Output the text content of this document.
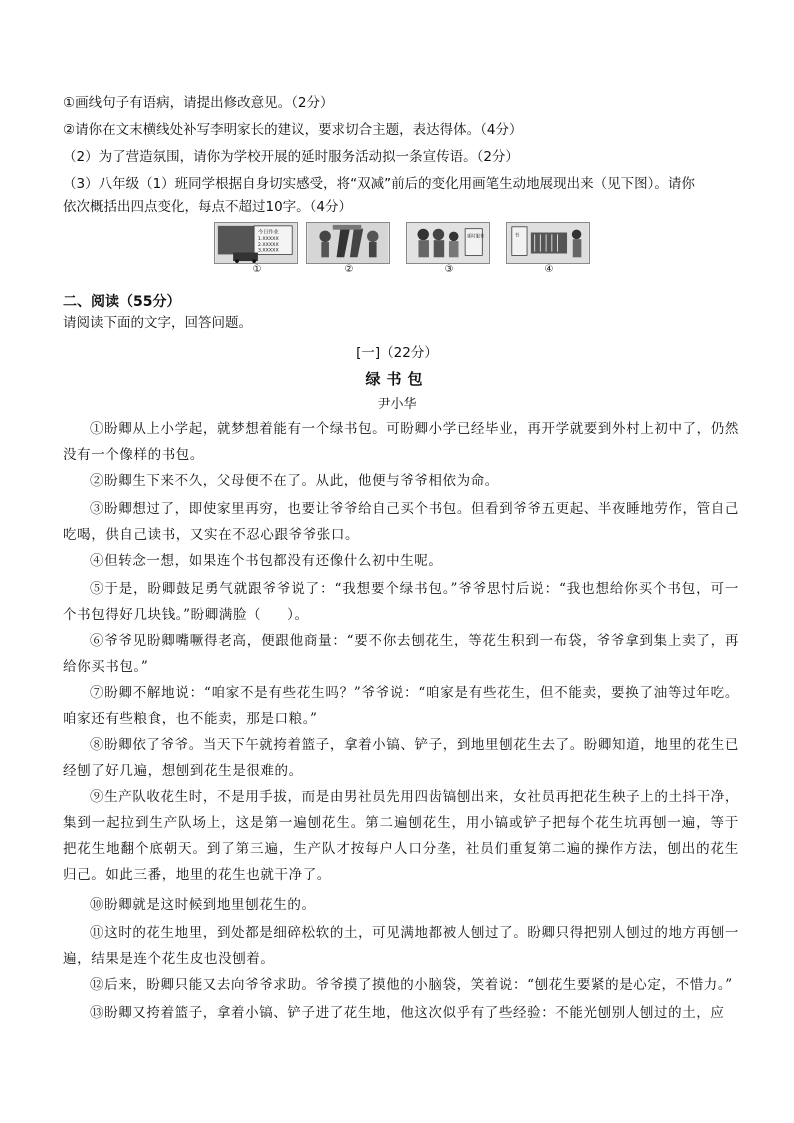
①画线句子有语病，请提出修改意见。（2分）
②请你在文末横线处补写李明家长的建议，要求切合主题，表达得体。（4分）
（2）为了营造氛围，请你为学校开展的延时服务活动拟一条宣传语。（2分）
（3）八年级（1）班同学根据自身切实感受，将“双减”前后的变化用画笔生动地展现出来（见下图）。请你
依次概括出四点变化，每点不超过10字。（4分）
今日作业
1.XXXXX
2.XXXXX
3.XXXXX
①	②
延时服务
③
书
④
二、阅读（55分）
请阅读下面的文字，回答问题。
[一]（22分）
绿书包
尹小华
①盼卿从上小学起，就梦想着能有一个绿书包。可盼卿小学已经毕业，再开学就要到外村上初中了，仍然没有一个像样的书包。
②盼卿生下来不久，父母便不在了。从此，他便与爷爷相依为命。
③盼卿想过了，即使家里再穷，也要让爷爷给自己买个书包。但看到爷爷五更起、半夜睡地劳作，管自己吃喝，供自己读书，又实在不忍心跟爷爷张口。
④但转念一想，如果连个书包都没有还像什么初中生呢。
⑤于是，盼卿鼓足勇气就跟爷爷说了：“我想要个绿书包。”爷爷思忖后说：“我也想给你买个书包，可一个书包得好几块钱。”盼卿满脸（ ）。
⑥爷爷见盼卿嘴噘得老高，便跟他商量：“要不你去刨花生，等花生积到一布袋，爷爷拿到集上卖了，再给你买书包。”
⑦盼卿不解地说：“咱家不是有些花生吗？”爷爷说：“咱家是有些花生，但不能卖，要换了油等过年吃。咱家还有些粮食，也不能卖，那是口粮。”
⑧盼卿依了爷爷。当天下午就挎着篮子，拿着小镐、铲子，到地里刨花生去了。盼卿知道，地里的花生已经刨了好几遍，想刨到花生是很难的。
⑨生产队收花生时，不是用手拔，而是由男社员先用四齿镐刨出来，女社员再把花生秧子上的土抖干净，集到一起拉到生产队场上，这是第一遍刨花生。第二遍刨花生，用小镐或铲子把每个花生坑再刨一遍，等于把花生地翻个底朝天。到了第三遍，生产队才按每户人口分垄，社员们重复第二遍的操作方法，刨出的花生归己。如此三番，地里的花生也就干净了。
⑩盼卿就是这时候到地里刨花生的。
⑪这时的花生地里，到处都是细碎松软的土，可见满地都被人刨过了。盼卿只得把别人刨过的地方再刨一遍，结果是连个花生皮也没刨着。
⑫后来，盼卿只能又去向爷爷求助。爷爷摸了摸他的小脑袋，笑着说：“刨花生要紧的是心定，不惜力。”
⑬盼卿又挎着篮子，拿着小镐、铲子进了花生地，他这次似乎有了些经验：不能光刨别人刨过的土，应
